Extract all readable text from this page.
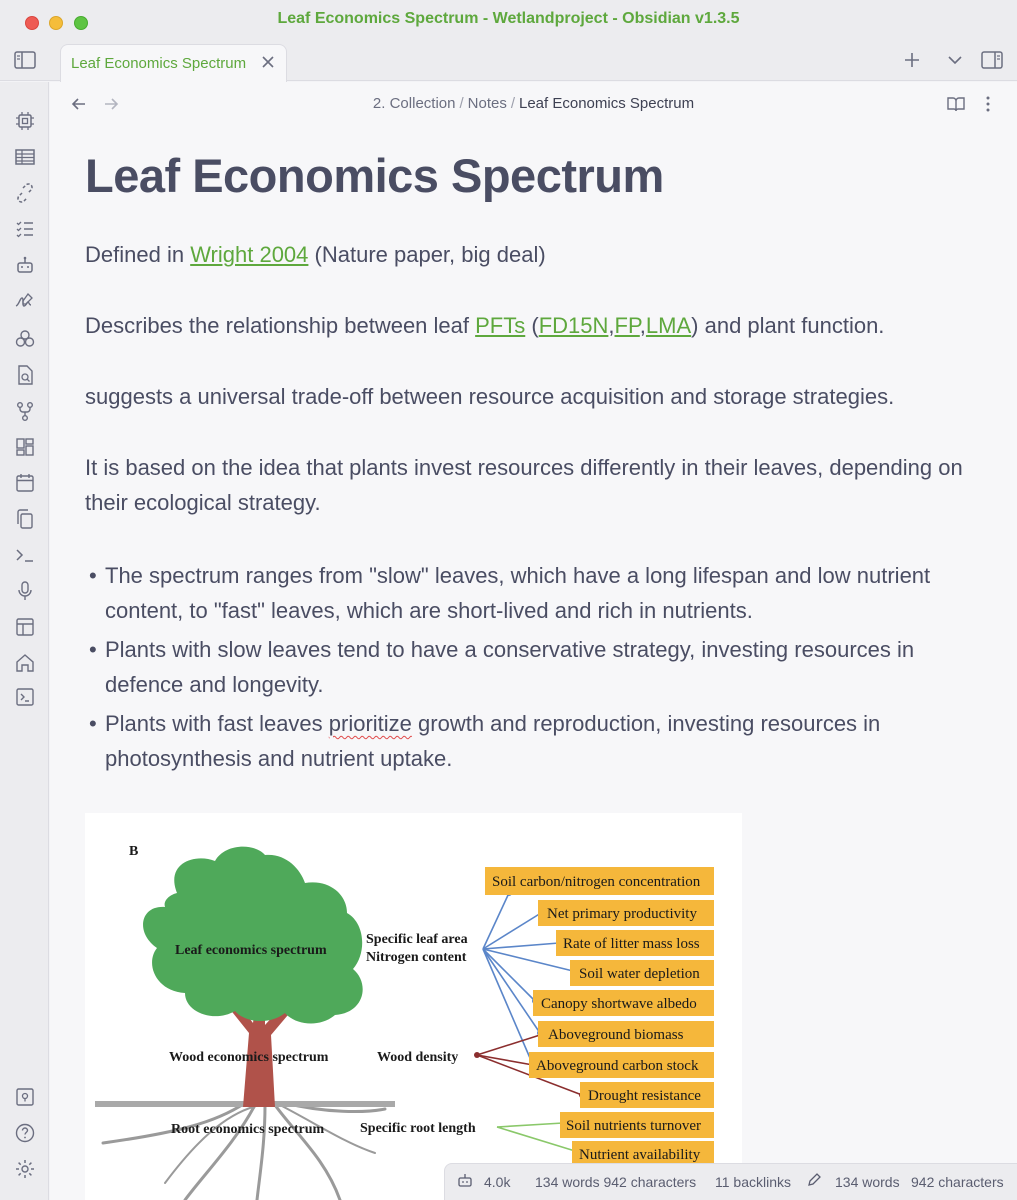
Leaf Economics Spectrum - Wetlandproject - Obsidian v1.3.5
Leaf Economics Spectrum
2. Collection / Notes / Leaf Economics Spectrum
Leaf Economics Spectrum
Defined in Wright 2004 (Nature paper, big deal)
Describes the relationship between leaf PFTs (FD15N,FP,LMA) and plant function.
suggests a universal trade-off between resource acquisition and storage strategies.
It is based on the idea that plants invest resources differently in their leaves, depending on their ecological strategy.
• The spectrum ranges from "slow" leaves, which have a long lifespan and low nutrient content, to "fast" leaves, which are short-lived and rich in nutrients.
• Plants with slow leaves tend to have a conservative strategy, investing resources in defence and longevity.
• Plants with fast leaves prioritize growth and reproduction, investing resources in photosynthesis and nutrient uptake.
B
Leaf economics spectrum
Wood economics spectrum
Root economics spectrum
Specific leaf area
Nitrogen content
Wood density
Specific root length
Soil carbon/nitrogen concentration
Net primary productivity
Rate of litter mass loss
Soil water depletion
Canopy shortwave albedo
Aboveground biomass
Aboveground carbon stock
Drought resistance
Soil nutrients turnover
Nutrient availability
4.0k 134 words 942 characters 11 backlinks	134 words 942 characters
